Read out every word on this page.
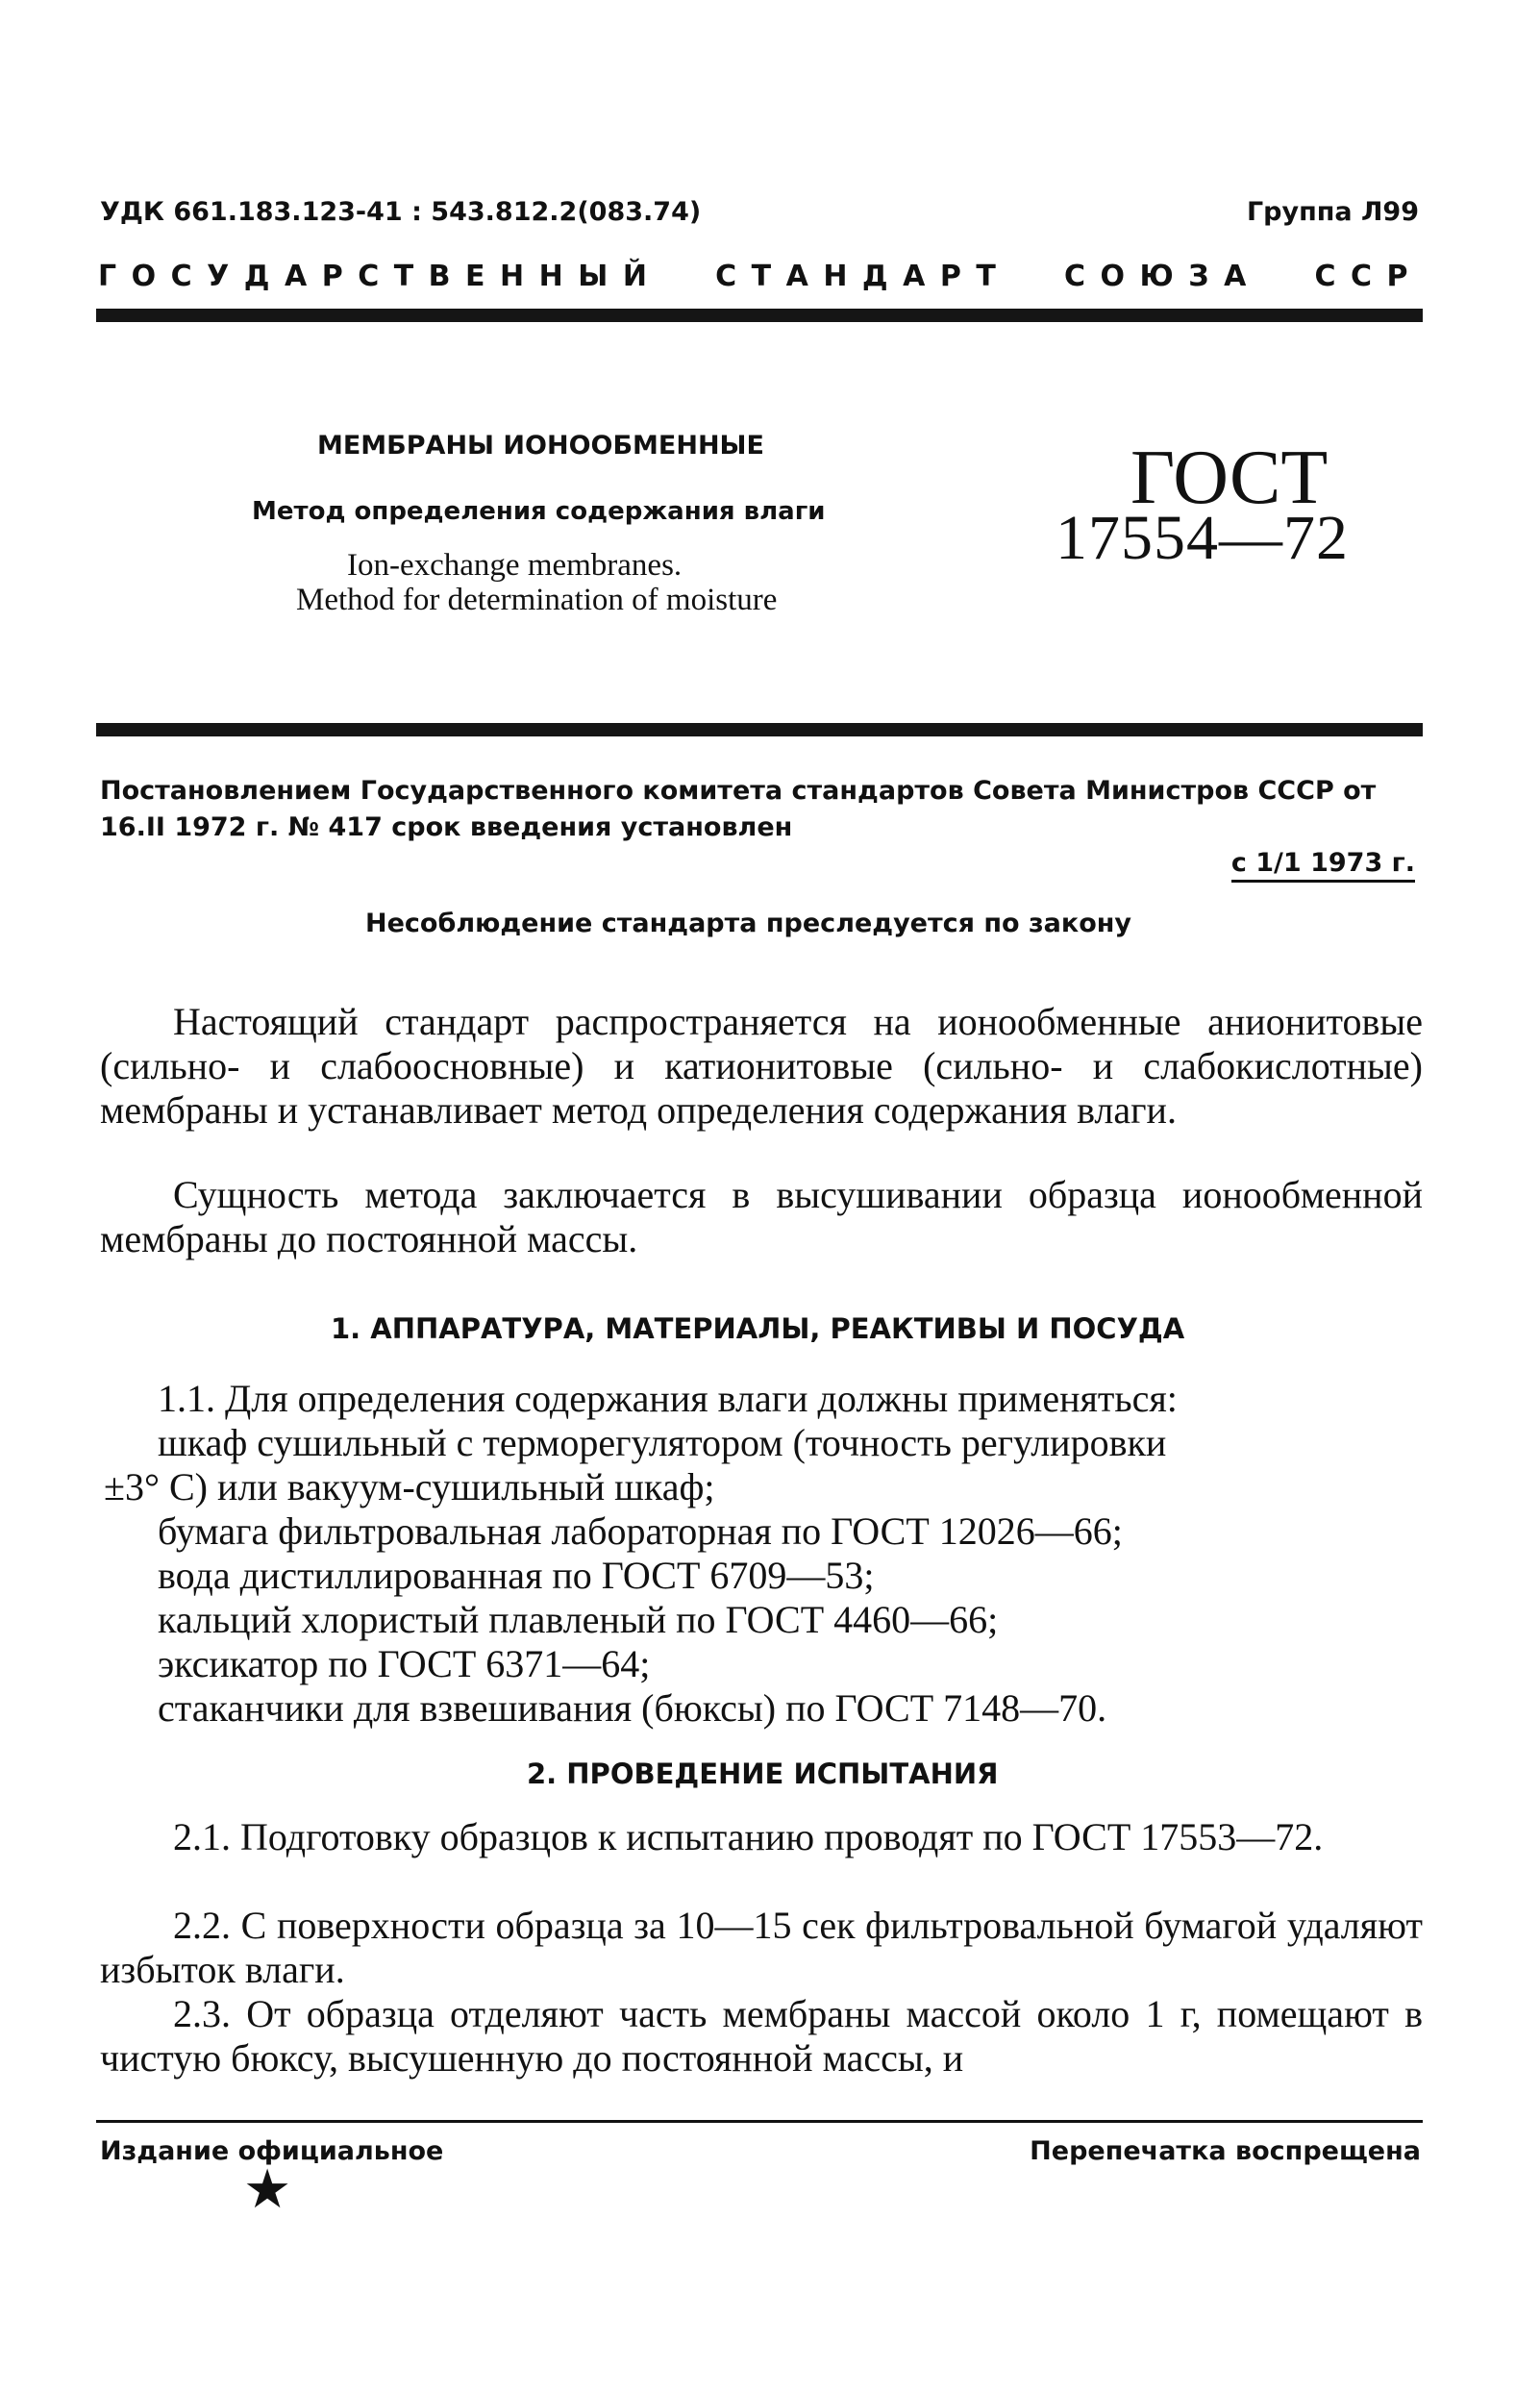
УДК 661.183.123-41 : 543.812.2(083.74)	Группа Л99

ГОСУДАРСТВЕННЫЙ СТАНДАРТ СОЮЗА ССР

МЕМБРАНЫ ИОНООБМЕННЫЕ

Метод определения содержания влаги

Ion-exchange membranes.

Method for determination of moisture

ГОСТ

17554—72

Постановлением Государственного комитета стандартов Совета Министров СССР от 16.II 1972 г. № 417 срок введения установлен

с 1/1 1973 г.

Несоблюдение стандарта преследуется по закону

Настоящий стандарт распространяется на ионообменные анионитовые (сильно- и слабоосновные) и катионитовые (сильно- и слабокислотные) мембраны и устанавливает метод определения содержания влаги.

Сущность метода заключается в высушивании образца ионообменной мембраны до постоянной массы.

1. АППАРАТУРА, МАТЕРИАЛЫ, РЕАКТИВЫ И ПОСУДА

1.1. Для определения содержания влаги должны применяться:
шкаф сушильный с терморегулятором (точность регулировки
±3° С) или вакуум-сушильный шкаф;
бумага фильтровальная лабораторная по ГОСТ 12026—66;
вода дистиллированная по ГОСТ 6709—53;
кальций хлористый плавленый по ГОСТ 4460—66;
эксикатор по ГОСТ 6371—64;
стаканчики для взвешивания (бюксы) по ГОСТ 7148—70.

2. ПРОВЕДЕНИЕ ИСПЫТАНИЯ

2.1. Подготовку образцов к испытанию проводят по ГОСТ 17553—72.

2.2. С поверхности образца за 10—15 сек фильтровальной бумагой удаляют избыток влаги.

2.3. От образца отделяют часть мембраны массой около 1 г, помещают в чистую бюксу, высушенную до постоянной массы, и

Издание официальное	Перепечатка воспрещена

★
